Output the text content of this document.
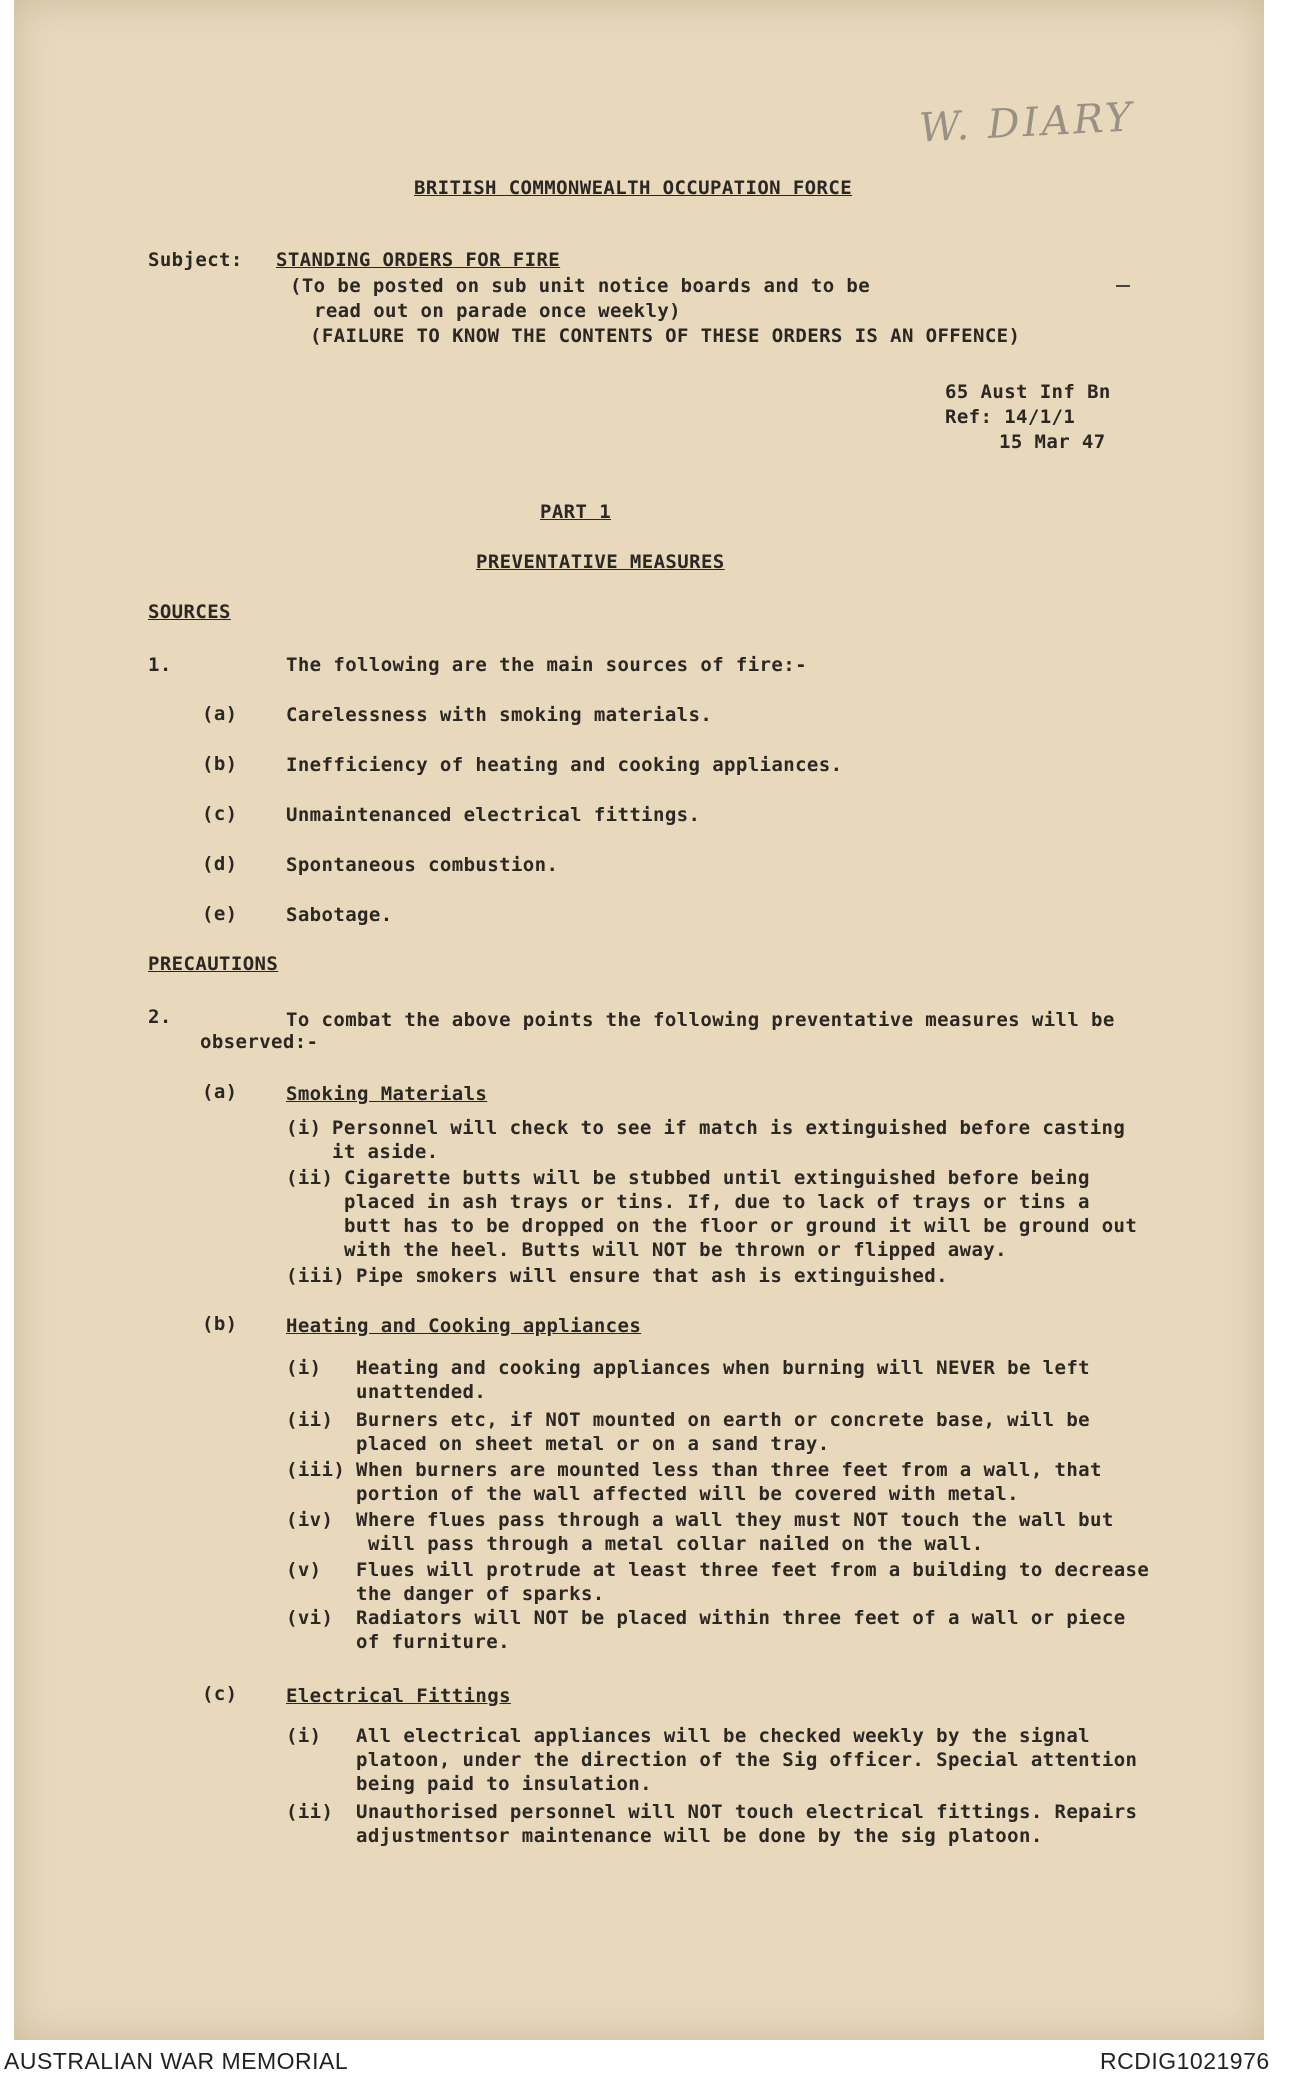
W. DIARY
BRITISH COMMONWEALTH OCCUPATION FORCE
Subject: STANDING ORDERS FOR FIRE
(To be posted on sub unit notice boards and to be
read out on parade once weekly)
(FAILURE TO KNOW THE CONTENTS OF THESE ORDERS IS AN OFFENCE)
65 Aust Inf Bn
Ref: 14/1/1
15 Mar 47
PART 1
PREVENTATIVE MEASURES
SOURCES
1.	The following are the main sources of fire:-
(a)	Carelessness with smoking materials.
(b)	Inefficiency of heating and cooking appliances.
(c)	Unmaintenanced electrical fittings.
(d)	Spontaneous combustion.
(e)	Sabotage.
PRECAUTIONS
2.	To combat the above points the following preventative measures will be
observed:-
(a)	Smoking Materials
(i) Personnel will check to see if match is extinguished before casting
it aside.
(ii) Cigarette butts will be stubbed until extinguished before being
placed in ash trays or tins. If, due to lack of trays or tins a
butt has to be dropped on the floor or ground it will be ground out
with the heel. Butts will NOT be thrown or flipped away.
(iii) Pipe smokers will ensure that ash is extinguished.
(b)	Heating and Cooking appliances
(i) Heating and cooking appliances when burning will NEVER be left
unattended.
(ii) Burners etc, if NOT mounted on earth or concrete base, will be
placed on sheet metal or on a sand tray.
(iii) When burners are mounted less than three feet from a wall, that
portion of the wall affected will be covered with metal.
(iv) Where flues pass through a wall they must NOT touch the wall but
will pass through a metal collar nailed on the wall.
(v) Flues will protrude at least three feet from a building to decrease
the danger of sparks.
(vi) Radiators will NOT be placed within three feet of a wall or piece
of furniture.
(c)	Electrical Fittings
(i) All electrical appliances will be checked weekly by the signal
platoon, under the direction of the Sig officer. Special attention
being paid to insulation.
(ii) Unauthorised personnel will NOT touch electrical fittings. Repairs
adjustmentsor maintenance will be done by the sig platoon.
AUSTRALIAN WAR MEMORIAL	RCDIG1021976
